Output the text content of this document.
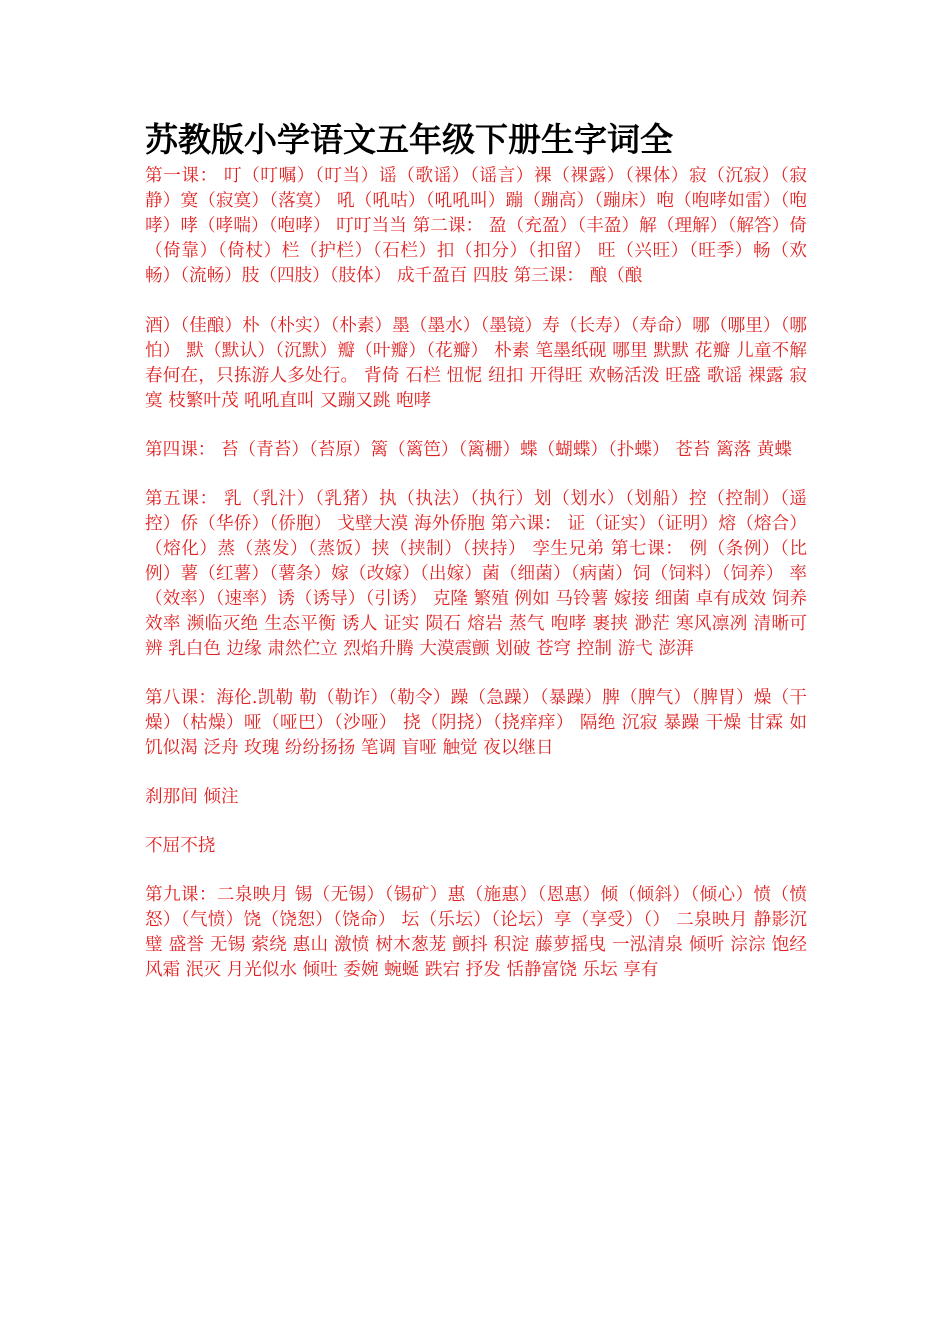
苏教版小学语文五年级下册生字词全

第一课： 叮（叮嘱）（叮当）谣（歌谣）（谣言）裸（裸露）（裸体）寂（沉寂）（寂静）寞（寂寞）（落寞） 吼（吼咕）（吼吼叫）蹦（蹦高）（蹦床）咆（咆哮如雷）（咆哮）哮（哮喘）（咆哮） 叮叮当当 第二课： 盈（充盈）（丰盈）解（理解）（解答）倚（倚靠）（倚杖）栏（护栏）（石栏）扣（扣分）（扣留） 旺（兴旺）（旺季）畅（欢畅）（流畅）肢（四肢）（肢体） 成千盈百 四肢 第三课： 酿（酿

酒）（佳酿）朴（朴实）（朴素）墨（墨水）（墨镜）寿（长寿）（寿命）哪（哪里）（哪怕） 默（默认）（沉默）瓣（叶瓣）（花瓣） 朴素 笔墨纸砚 哪里 默默 花瓣 儿童不解春何在，只拣游人多处行。 背倚 石栏 忸怩 纽扣 开得旺 欢畅活泼 旺盛 歌谣 裸露 寂寞 枝繁叶茂 吼吼直叫 又蹦又跳 咆哮

第四课： 苔（青苔）（苔原）篱（篱笆）（篱栅）蝶（蝴蝶）（扑蝶） 苍苔 篱落 黄蝶

第五课： 乳（乳汁）（乳猪）执（执法）（执行）划（划水）（划船）控（控制）（遥控）侨（华侨）（侨胞） 戈壁大漠 海外侨胞 第六课： 证（证实）（证明）熔（熔合）（熔化）蒸（蒸发）（蒸饭）挟（挟制）（挟持） 孪生兄弟 第七课： 例（条例）（比例）薯（红薯）（薯条）嫁（改嫁）（出嫁）菌（细菌）（病菌）饲（饲料）（饲养） 率（效率）（速率）诱（诱导）（引诱） 克隆 繁殖 例如 马铃薯 嫁接 细菌 卓有成效 饲养 效率 濒临灭绝 生态平衡 诱人 证实 陨石 熔岩 蒸气 咆哮 裹挟 渺茫 寒风凛冽 清晰可辨 乳白色 边缘 肃然伫立 烈焰升腾 大漠震颤 划破 苍穹 控制 游弋 澎湃

第八课：海伦.凯勒 勒（勒诈）（勒令）躁（急躁）（暴躁）脾（脾气）（脾胃）燥（干燥）（枯燥）哑（哑巴）（沙哑） 挠（阴挠）（挠痒痒） 隔绝 沉寂 暴躁 干燥 甘霖 如饥似渴 泛舟 玫瑰 纷纷扬扬 笔调 盲哑 触觉 夜以继日

刹那间 倾注

不屈不挠

第九课：二泉映月 锡（无锡）（锡矿）惠（施惠）（恩惠）倾（倾斜）（倾心）愤（愤怒）（气愤）饶（饶恕）（饶命） 坛（乐坛）（论坛）享（享受）（） 二泉映月 静影沉璧 盛誉 无锡 萦绕 惠山 激愤 树木葱茏 颤抖 积淀 藤萝摇曳 一泓清泉 倾听 淙淙 饱经风霜 泯灭 月光似水 倾吐 委婉 蜿蜒 跌宕 抒发 恬静富饶 乐坛 享有
